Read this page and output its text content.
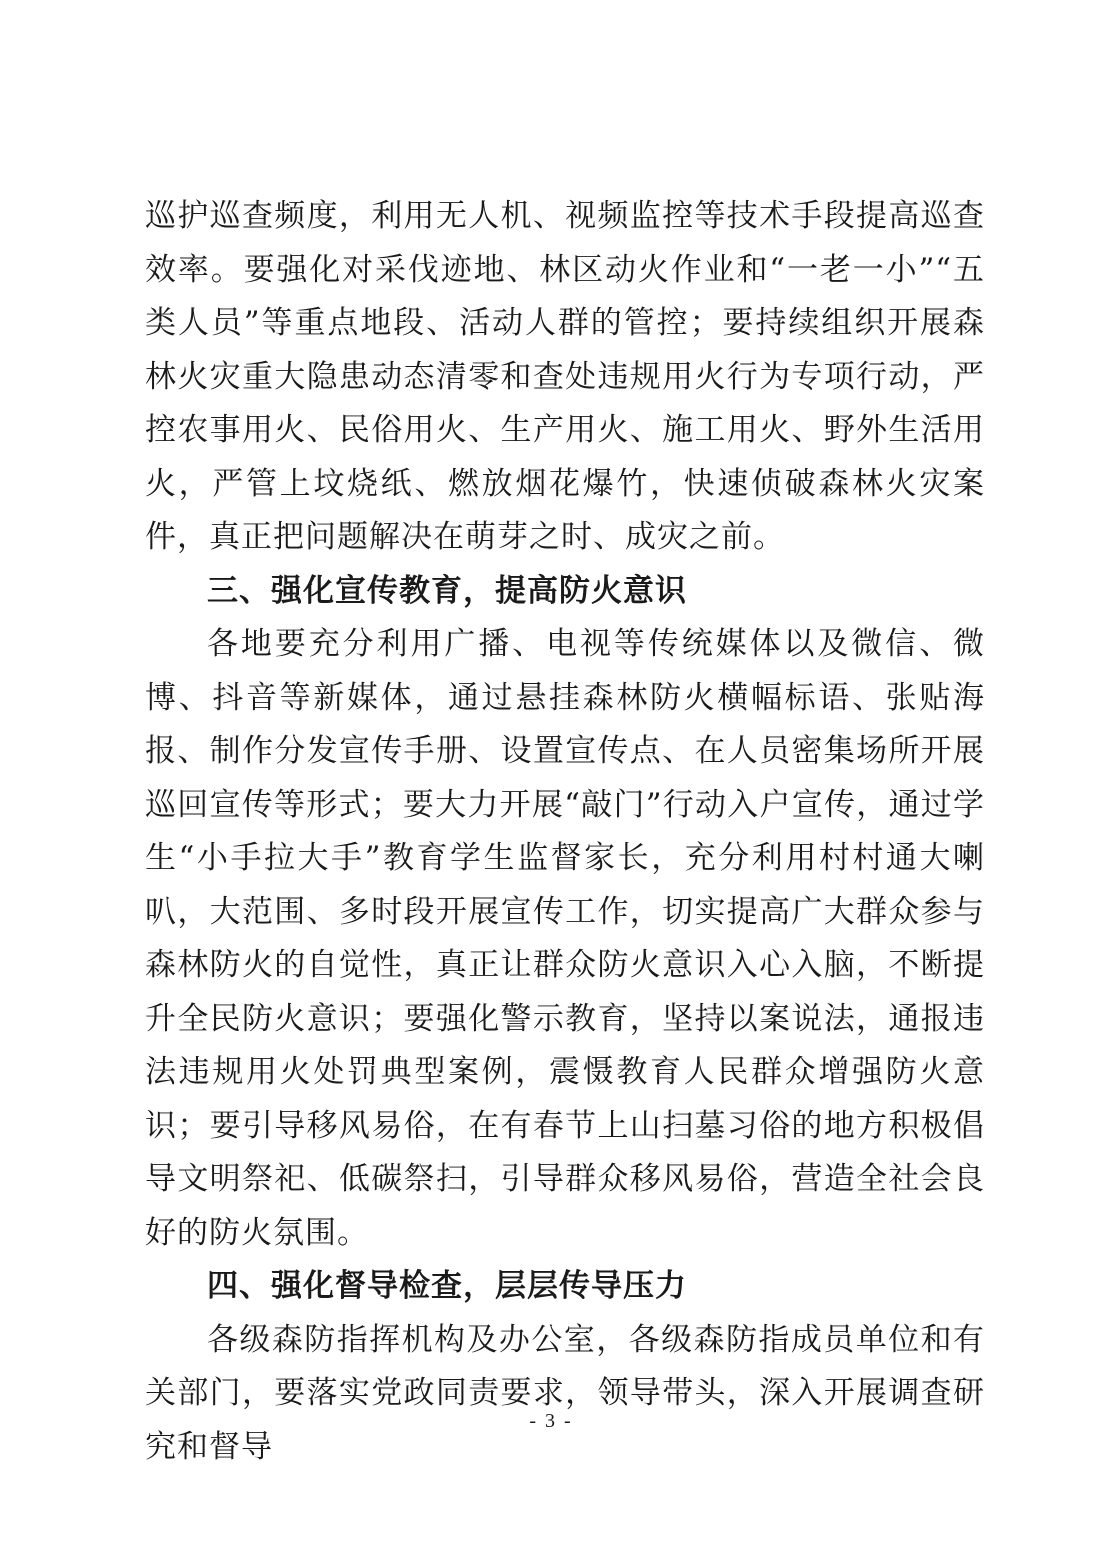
巡护巡查频度，利用无人机、视频监控等技术手段提高巡查效率。要强化对采伐迹地、林区动火作业和“一老一小”“五类人员”等重点地段、活动人群的管控；要持续组织开展森林火灾重大隐患动态清零和查处违规用火行为专项行动，严控农事用火、民俗用火、生产用火、施工用火、野外生活用火，严管上坟烧纸、燃放烟花爆竹，快速侦破森林火灾案件，真正把问题解决在萌芽之时、成灾之前。

三、强化宣传教育，提高防火意识

各地要充分利用广播、电视等传统媒体以及微信、微博、抖音等新媒体，通过悬挂森林防火横幅标语、张贴海报、制作分发宣传手册、设置宣传点、在人员密集场所开展巡回宣传等形式；要大力开展“敲门”行动入户宣传，通过学生“小手拉大手”教育学生监督家长，充分利用村村通大喇叭，大范围、多时段开展宣传工作，切实提高广大群众参与森林防火的自觉性，真正让群众防火意识入心入脑，不断提升全民防火意识；要强化警示教育，坚持以案说法，通报违法违规用火处罚典型案例，震慑教育人民群众增强防火意识；要引导移风易俗，在有春节上山扫墓习俗的地方积极倡导文明祭祀、低碳祭扫，引导群众移风易俗，营造全社会良好的防火氛围。

四、强化督导检查，层层传导压力

各级森防指挥机构及办公室，各级森防指成员单位和有关部门，要落实党政同责要求，领导带头，深入开展调查研究和督导

- 3 -
